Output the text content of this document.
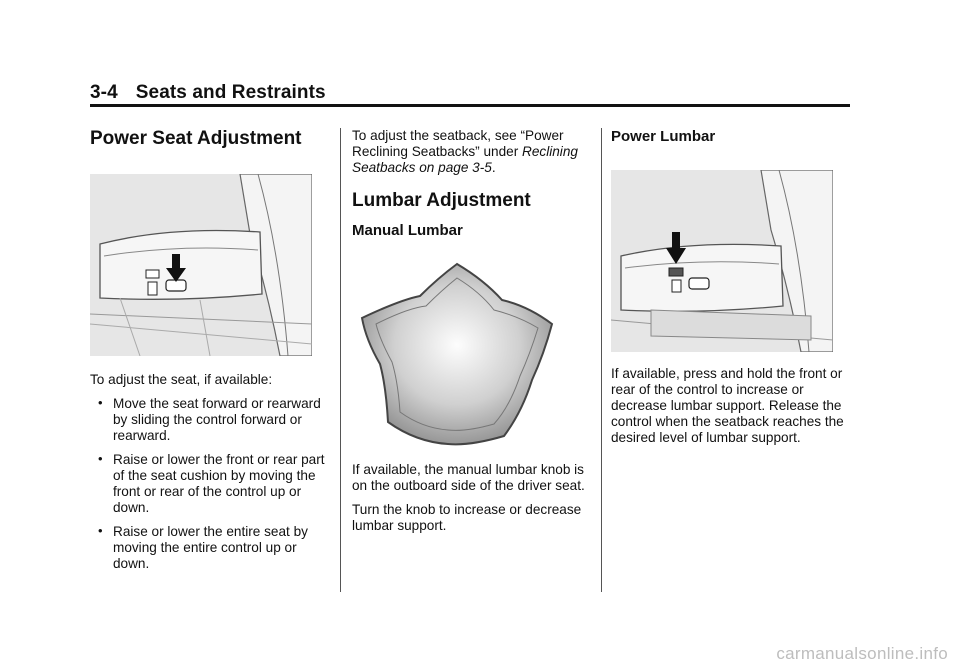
3-4 Seats and Restraints
Power Seat Adjustment

To adjust the seat, if available:

• Move the seat forward or rearward by sliding the control forward or rearward.
• Raise or lower the front or rear part of the seat cushion by moving the front or rear of the control up or down.
• Raise or lower the entire seat by moving the entire control up or down.

To adjust the seatback, see “Power Reclining Seatbacks” under Reclining Seatbacks on page 3-5.

Lumbar Adjustment
Manual Lumbar

If available, the manual lumbar knob is on the outboard side of the driver seat.

Turn the knob to increase or decrease lumbar support.

Power Lumbar

If available, press and hold the front or rear of the control to increase or decrease lumbar support. Release the control when the seatback reaches the desired level of lumbar support.

carmanualsonline.info
